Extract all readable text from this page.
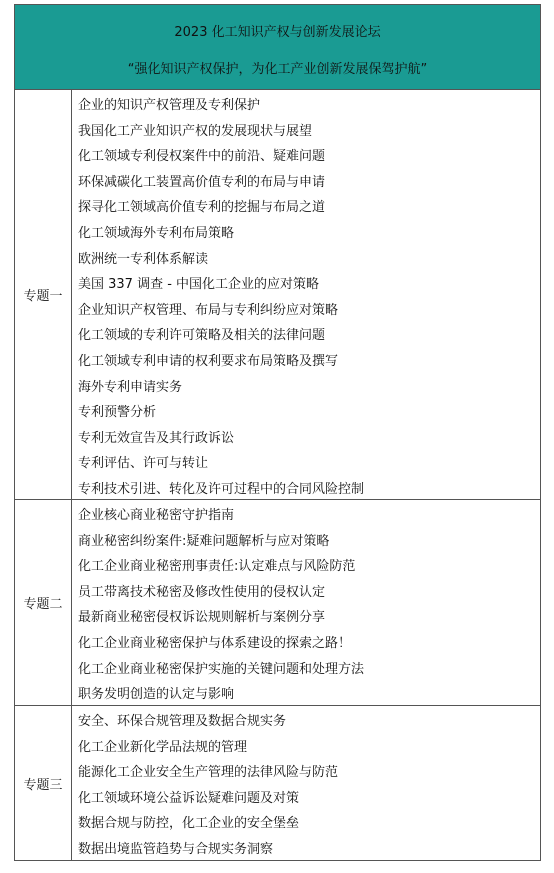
2023 化工知识产权与创新发展论坛
“强化知识产权保护，为化工产业创新发展保驾护航”
专题一
企业的知识产权管理及专利保护
我国化工产业知识产权的发展现状与展望
化工领域专利侵权案件中的前沿、疑难问题
环保减碳化工装置高价值专利的布局与申请
探寻化工领域高价值专利的挖掘与布局之道
化工领域海外专利布局策略
欧洲统一专利体系解读
美国 337 调查 - 中国化工企业的应对策略
企业知识产权管理、布局与专利纠纷应对策略
化工领域的专利许可策略及相关的法律问题
化工领域专利申请的权利要求布局策略及撰写
海外专利申请实务
专利预警分析
专利无效宣告及其行政诉讼
专利评估、许可与转让
专利技术引进、转化及许可过程中的合同风险控制
专题二
企业核心商业秘密守护指南
商业秘密纠纷案件:疑难问题解析与应对策略
化工企业商业秘密刑事责任:认定难点与风险防范
员工带离技术秘密及修改性使用的侵权认定
最新商业秘密侵权诉讼规则解析与案例分享
化工企业商业秘密保护与体系建设的探索之路！
化工企业商业秘密保护实施的关键问题和处理方法
职务发明创造的认定与影响
专题三
安全、环保合规管理及数据合规实务
化工企业新化学品法规的管理
能源化工企业安全生产管理的法律风险与防范
化工领域环境公益诉讼疑难问题及对策
数据合规与防控，化工企业的安全堡垒
数据出境监管趋势与合规实务洞察
